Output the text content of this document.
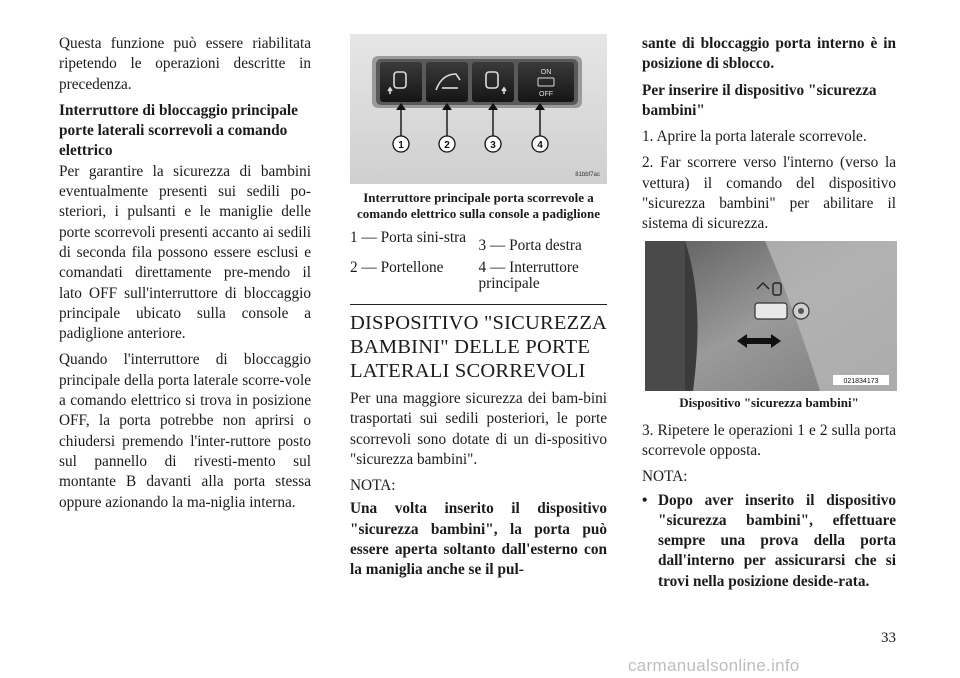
Questa funzione può essere riabilitata ripetendo le operazioni descritte in precedenza.

Interruttore di bloccaggio principale porte laterali scorrevoli a comando elettrico

Per garantire la sicurezza di bambini eventualmente presenti sui sedili po-steriori, i pulsanti e le maniglie delle porte scorrevoli presenti accanto ai sedili di seconda fila possono essere esclusi e comandati direttamente pre-mendo il lato OFF sull'interruttore di bloccaggio principale ubicato sulla console a padiglione anteriore.

Quando l'interruttore di bloccaggio principale della porta laterale scorre-vole a comando elettrico si trova in posizione OFF, la porta potrebbe non aprirsi o chiudersi premendo l'inter-ruttore posto sul pannello di rivesti-mento sul montante B davanti alla porta stessa oppure azionando la ma-niglia interna.

ON
OFF
1	2	3	4
81bbf7ac

Interruttore principale porta scorrevole a comando elettrico sulla console a padiglione

1 — Porta sini-stra	3 — Porta destra
2 — Portellone	4 — Interruttore principale
DISPOSITIVO "SICUREZZA BAMBINI" DELLE PORTE LATERALI SCORREVOLI

Per una maggiore sicurezza dei bam-bini trasportati sui sedili posteriori, le porte scorrevoli sono dotate di un di-spositivo "sicurezza bambini".

NOTA:

Una volta inserito il dispositivo "sicurezza bambini", la porta può essere aperta soltanto dall'esterno con la maniglia anche se il pul-

sante di bloccaggio porta interno è in posizione di sblocco.

Per inserire il dispositivo "sicurezza bambini"

1. Aprire la porta laterale scorrevole.

2. Far scorrere verso l'interno (verso la vettura) il comando del dispositivo "sicurezza bambini" per abilitare il sistema di sicurezza.

021834173

Dispositivo "sicurezza bambini"

3. Ripetere le operazioni 1 e 2 sulla porta scorrevole opposta.

NOTA:

• Dopo aver inserito il dispositivo "sicurezza bambini", effettuare sempre una prova della porta dall'interno per assicurarsi che si trovi nella posizione deside-rata.
33
carmanualsonline.info
